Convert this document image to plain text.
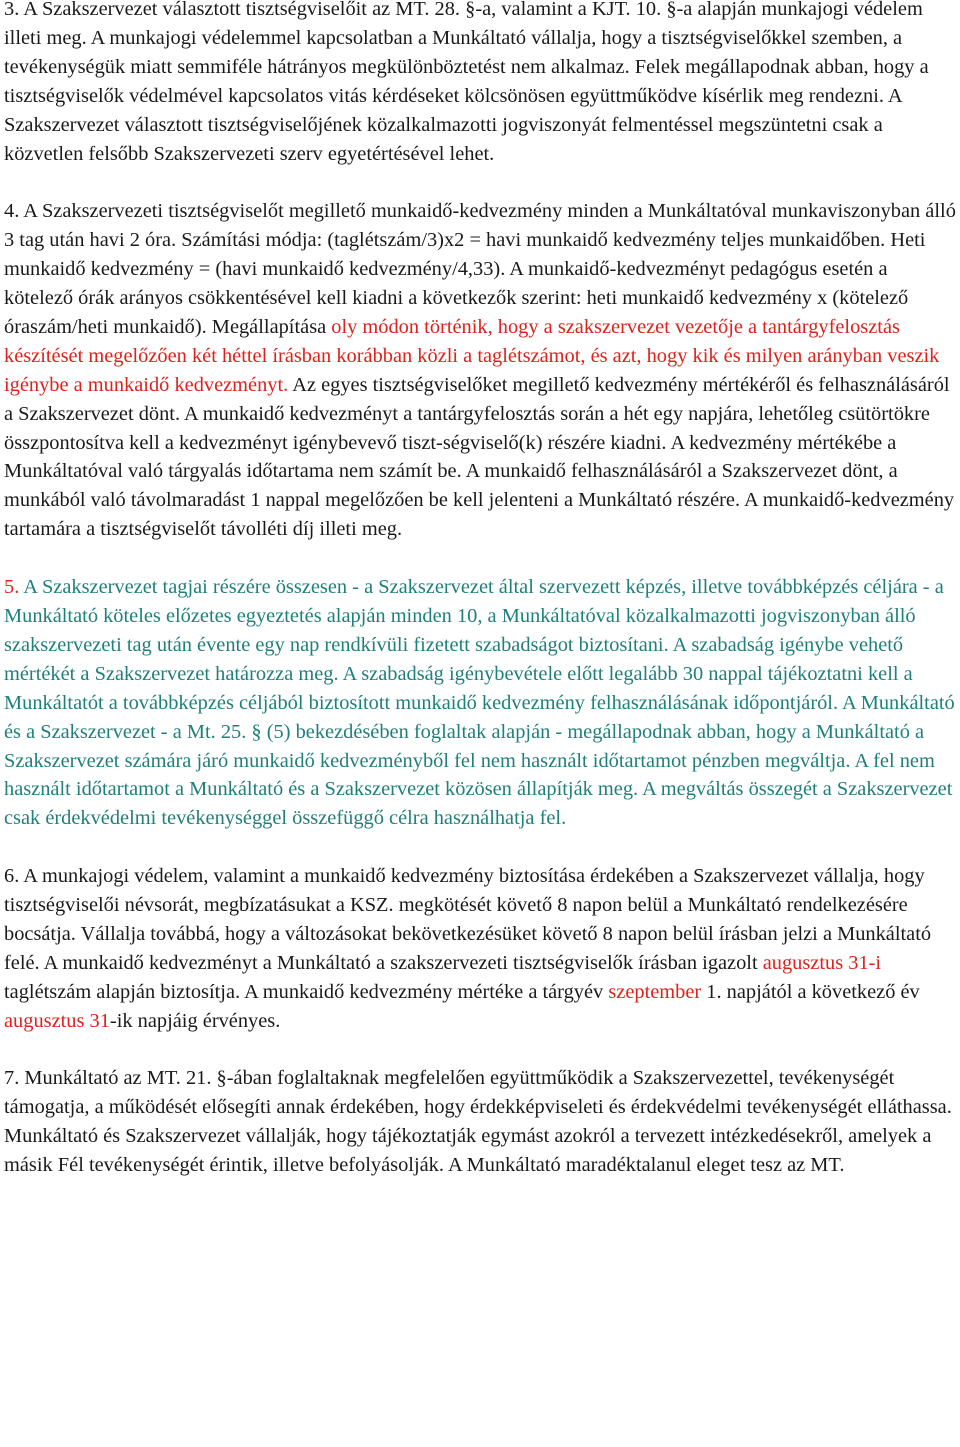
3. A Szakszervezet választott tisztségviselőit az MT. 28. §-a, valamint a KJT. 10. §-a alapján munkajogi védelem illeti meg. A munkajogi védelemmel kapcsolatban a Munkáltató vállalja, hogy a tisztségviselőkkel szemben, a tevékenységük miatt semmiféle hátrányos megkülönböztetést nem alkalmaz. Felek megállapodnak abban, hogy a tisztségviselők védelmével kapcsolatos vitás kérdéseket kölcsönösen együttműködve kísérlik meg rendezni. A Szakszervezet választott tisztségviselőjének közalkalmazotti jogviszonyát felmentéssel megszüntetni csak a közvetlen felsőbb Szakszervezeti szerv egyetértésével lehet.

4. A Szakszervezeti tisztségviselőt megillető munkaidő-kedvezmény minden a Munkáltatóval munkaviszonyban álló 3 tag után havi 2 óra. Számítási módja: (taglétszám/3)x2 = havi munkaidő kedvezmény teljes munkaidőben. Heti munkaidő kedvezmény = (havi munkaidő kedvezmény/4,33). A munkaidő-kedvezményt pedagógus esetén a kötelező órák arányos csökkentésével kell kiadni a következők szerint: heti munkaidő kedvezmény x (kötelező óraszám/heti munkaidő). Megállapítása oly módon történik, hogy a szakszervezet vezetője a tantárgyfelosztás készítését megelőzően két héttel írásban korábban közli a taglétszámot, és azt, hogy kik és milyen arányban veszik igénybe a munkaidő kedvezményt. Az egyes tisztségviselőket megillető kedvezmény mértékéről és felhasználásáról a Szakszervezet dönt. A munkaidő kedvezményt a tantárgyfelosztás során a hét egy napjára, lehetőleg csütörtökre összpontosítva kell a kedvezményt igénybevevő tiszt-ségviselő(k) részére kiadni. A kedvezmény mértékébe a Munkáltatóval való tárgyalás időtartama nem számít be. A munkaidő felhasználásáról a Szakszervezet dönt, a munkából való távolmaradást 1 nappal megelőzően be kell jelenteni a Munkáltató részére. A munkaidő-kedvezmény tartamára a tisztségviselőt távolléti díj illeti meg.

5. A Szakszervezet tagjai részére összesen - a Szakszervezet által szervezett képzés, illetve továbbképzés céljára - a Munkáltató köteles előzetes egyeztetés alapján minden 10, a Munkáltatóval közalkalmazotti jogviszonyban álló szakszervezeti tag után évente egy nap rendkívüli fizetett szabadságot biztosítani. A szabadság igénybe vehető mértékét a Szakszervezet határozza meg. A szabadság igénybevétele előtt legalább 30 nappal tájékoztatni kell a Munkáltatót a továbbképzés céljából biztosított munkaidő kedvezmény felhasználásának időpontjáról. A Munkáltató és a Szakszervezet - a Mt. 25. § (5) bekezdésében foglaltak alapján - megállapodnak abban, hogy a Munkáltató a Szakszervezet számára járó munkaidő kedvezményből fel nem használt időtartamot pénzben megváltja. A fel nem használt időtartamot a Munkáltató és a Szakszervezet közösen állapítják meg. A megváltás összegét a Szakszervezet csak érdekvédelmi tevékenységgel összefüggő célra használhatja fel.

6. A munkajogi védelem, valamint a munkaidő kedvezmény biztosítása érdekében a Szakszervezet vállalja, hogy tisztségviselői névsorát, megbízatásukat a KSZ. megkötését követő 8 napon belül a Munkáltató rendelkezésére bocsátja. Vállalja továbbá, hogy a változásokat bekövetkezésüket követő 8 napon belül írásban jelzi a Munkáltató felé. A munkaidő kedvezményt a Munkáltató a szakszervezeti tisztségviselők írásban igazolt augusztus 31-i taglétszám alapján biztosítja. A munkaidő kedvezmény mértéke a tárgyév szeptember 1. napjától a következő év augusztus 31-ik napjáig érvényes.

7. Munkáltató az MT. 21. §-ában foglaltaknak megfelelően együttműködik a Szakszervezettel, tevékenységét támogatja, a működését elősegíti annak érdekében, hogy érdekképviseleti és érdekvédelmi tevékenységét elláthassa. Munkáltató és Szakszervezet vállalják, hogy tájékoztatják egymást azokról a tervezett intézkedésekről, amelyek a másik Fél tevékenységét érintik, illetve befolyásolják. A Munkáltató maradéktalanul eleget tesz az MT.
